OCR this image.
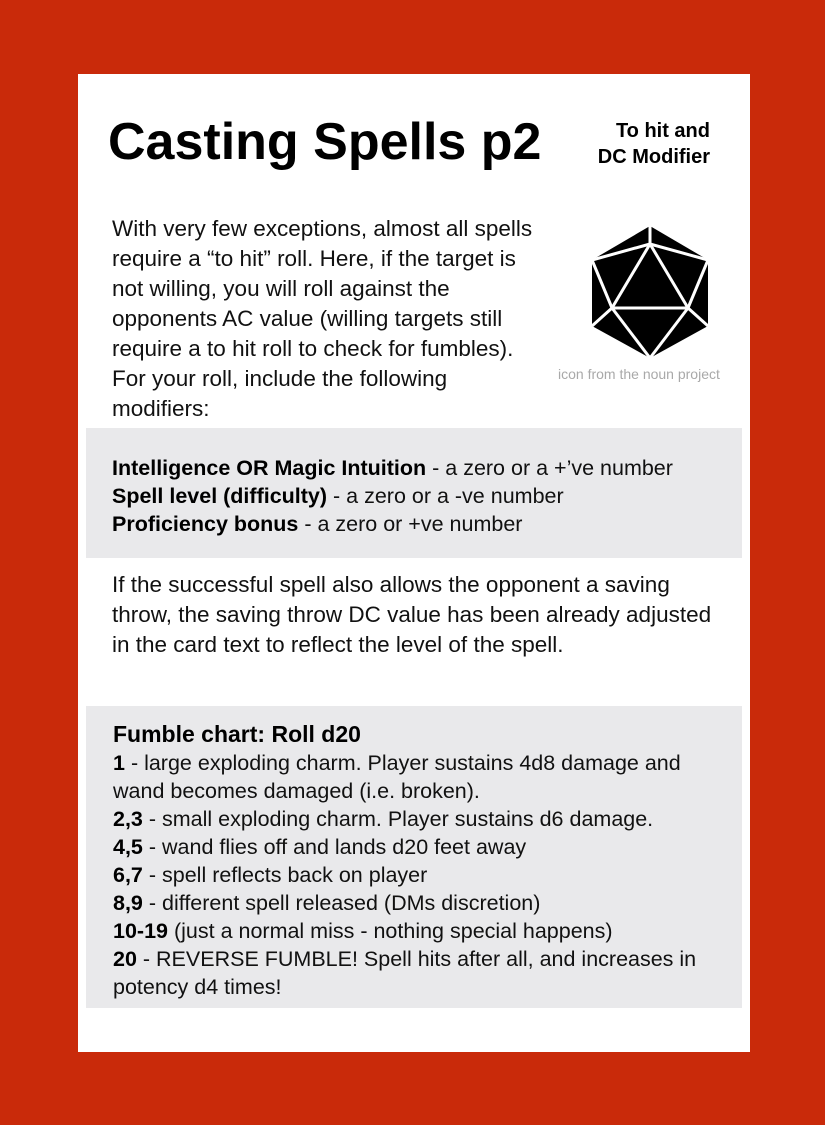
Casting Spells p2	To hit and
DC Modifier
With very few exceptions, almost all spells require a “to hit” roll. Here, if the target is not willing, you will roll against the opponents AC value (willing targets still require a to hit roll to check for fumbles). For your roll, include the following modifiers:
icon from the noun project
Intelligence OR Magic Intuition - a zero or a +’ve number
Spell level (difficulty) - a zero or a -ve number
Proficiency bonus - a zero or +ve number
If the successful spell also allows the opponent a saving throw, the saving throw DC value has been already adjusted in the card text to reflect the level of the spell.
Fumble chart: Roll d20
1 - large exploding charm. Player sustains 4d8 damage and wand becomes damaged (i.e. broken).
2,3 - small exploding charm. Player sustains d6 damage.
4,5 - wand flies off and lands d20 feet away
6,7 - spell reflects back on player
8,9 - different spell released (DMs discretion)
10-19 (just a normal miss - nothing special happens)
20 - REVERSE FUMBLE! Spell hits after all, and increases in potency d4 times!
